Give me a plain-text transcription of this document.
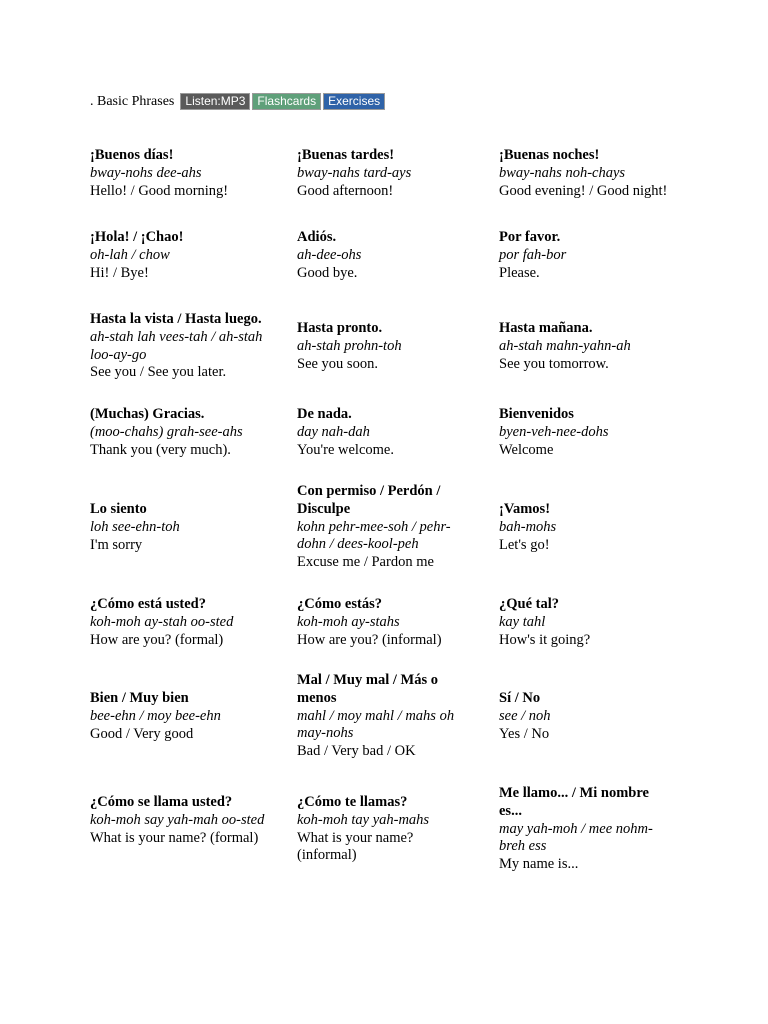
. Basic Phrases Listen:MP3	Flashcards	Exercises
¡Buenos días!
bway-nohs dee-ahs
Hello! / Good morning!
¡Buenas tardes!
bway-nahs tard-ays
Good afternoon!
¡Buenas noches!
bway-nahs noh-chays
Good evening! / Good night!
¡Hola! / ¡Chao!
oh-lah / chow
Hi! / Bye!
Adiós.
ah-dee-ohs
Good bye.
Por favor.
por fah-bor
Please.
Hasta la vista / Hasta luego.
ah-stah lah vees-tah / ah-stah loo-ay-go
See you / See you later.
Hasta pronto.
ah-stah prohn-toh
See you soon.
Hasta mañana.
ah-stah mahn-yahn-ah
See you tomorrow.
(Muchas) Gracias.
(moo-chahs) grah-see-ahs
Thank you (very much).
De nada.
day nah-dah
You're welcome.
Bienvenidos
byen-veh-nee-dohs
Welcome
Lo siento
loh see-ehn-toh
I'm sorry
Con permiso / Perdón / Disculpe
kohn pehr-mee-soh / pehr-dohn / dees-kool-peh
Excuse me / Pardon me
¡Vamos!
bah-mohs
Let's go!
¿Cómo está usted?
koh-moh ay-stah oo-sted
How are you? (formal)
¿Cómo estás?
koh-moh ay-stahs
How are you? (informal)
¿Qué tal?
kay tahl
How's it going?
Bien / Muy bien
bee-ehn / moy bee-ehn
Good / Very good
Mal / Muy mal / Más o menos
mahl / moy mahl / mahs oh may-nohs
Bad / Very bad / OK
Sí / No
see / noh
Yes / No
¿Cómo se llama usted?
koh-moh say yah-mah oo-sted
What is your name? (formal)
¿Cómo te llamas?
koh-moh tay yah-mahs
What is your name? (informal)
Me llamo... / Mi nombre es...
may yah-moh / mee nohm-breh ess
My name is...
